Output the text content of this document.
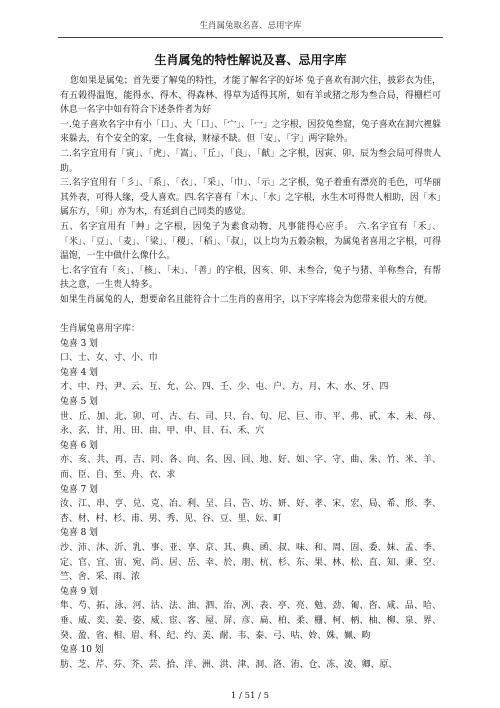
生肖属兔取名喜、忌用字库
生肖属兔的特性解说及喜、忌用字库

您如果是属兔；首先要了解兔的特性，才能了解名字的好坏 兔子喜欢有洞穴住，披彩衣为佳，有五榖得温饱，能得水、得木、得森林、得草为适得其所，如有羊或猪之形为叁合局，得栅栏可休息一名字中如有符合下述条件者为好

一.兔子喜欢名字中有小「口」、大「口」、「宀」、「冖」之字根，因狡兔叁窟，兔子喜欢在洞穴裡躲来躲去，有个安全的家，一生食禄，财禄不缺。但「安」、「宇」两字除外。

二.名字宜用有「寅」、「虎」、「嵩」、「丘」、「良」、「献」之字根，因寅、卯、辰为叁会局可得贵人助。

三.名字宜用有「彡」、「系」、「衣」、「采」、「巾」、「示」之字根，兔子着重有漂亮的毛色，可华丽其外表，可得人缘，受人喜欢。四.名字喜有「木」、「水」之字根，水生木可得贵人相助，因「木」属东方，「卯」亦为木，有延到自己同类的感觉。

五、名字宜用有「艸」之字根，因兔子为素食动物，凡事能得心应手。 六.名字宜有「禾」、「米」、「豆」、「麦」、「梁」、「稷」、「稻」、「叔」，以上均为五穀杂粮，为属兔者喜用之字根，可得温饱，一生中做什么像什么。

七.名字宜有「亥」、「核」、「未」、「善」的字根，因亥、卯、未叁合，兔子与猪、羊称叁合，有帮扶之意，一生贵人特多。

如果生肖属兔的人，想要命名且能符合十二生肖的喜用字，以下字库将会为您带来很大的方便。

生肖属兔喜用字库：

兔喜 3 划

口、士、女、寸、小、巾

兔喜 4 划

才、中、丹、尹、云、互、允、公、四、壬、少、屯、户、方、月、木、水、牙、四

兔喜 5 划

世、丘、加、北、卯、可、古、右、司、只、台、句、尼、巨、市、平、弗、甙、本、未、母、永、玄、甘、用、田、由、甲、申、目、石、禾、穴

兔喜 6 划

亦、亥、共、再、吉、同、各、向、名、因、回、地、好、如、字、守、曲、朱、竹、米、羊、而、臣、自、至、舟、衣、求

兔喜 7 划

汝、江、串、亨、兑、克、冶、利、呈、吕、告、坊、妍、好、孝、宋、宏、局、希、形、李、杏、材、村、杉、甫、男、秀、见、谷、豆、里、妘、町

兔喜 8 划

沙、沛、沐、沂、乳、事、亚、享、京、其、典、函、叔、味、和、周、固、委、妹、孟、季、定、官、宜、宙、宛、尚、居、岳、幸、於、朋、杭、杉、东、果、林、松、直、知、秉、空、竺、舍、采、雨、浓

兔喜 9 划

隼、芍、拓、泳、河、沽、法、油、泗、治、冽、表、亭、亮、勉、劲、匍、咨、咸、品、哈、垂、威、奕、姜、姿、威、宦、客、屋、屏、彦、扁、柏、柔、栅、柯、柄、柚、柳、泉、界、癸、盈、省、相、眉、科、纪、约、美、耐、韦、泰、弓、咕、姈、姝、姵、畇

兔喜 10 划

肪、芝、芹、芬、芥、芸、拾、洋、洲、洪、津、洞、洛、洧、仓、冻、凌、卿、原、

1 / 51 / 5
